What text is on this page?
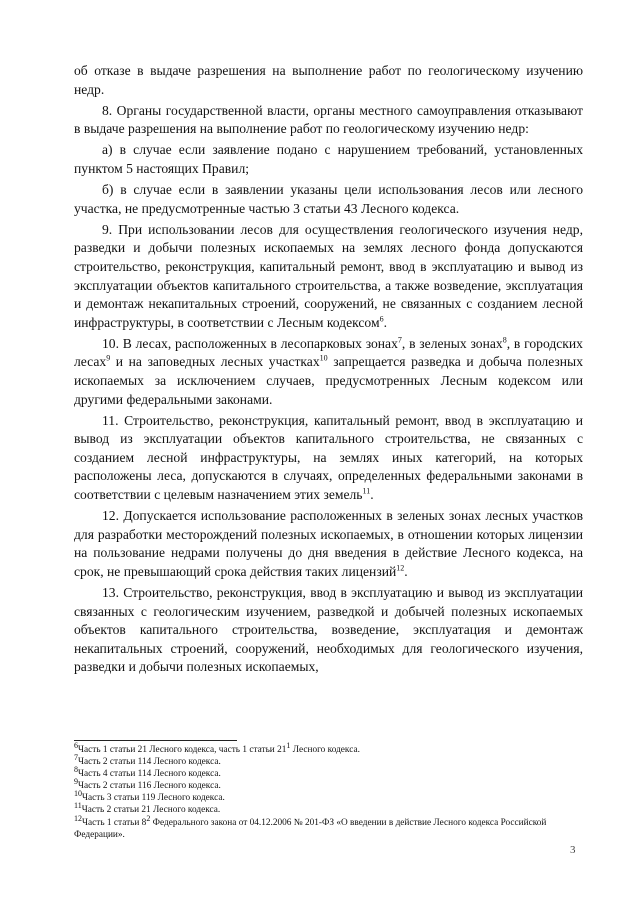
об отказе в выдаче разрешения на выполнение работ по геологическому изучению недр.

8. Органы государственной власти, органы местного самоуправления отказывают в выдаче разрешения на выполнение работ по геологическому изучению недр:

а) в случае если заявление подано с нарушением требований, установленных пунктом 5 настоящих Правил;

б) в случае если в заявлении указаны цели использования лесов или лесного участка, не предусмотренные частью 3 статьи 43 Лесного кодекса.

9. При использовании лесов для осуществления геологического изучения недр, разведки и добычи полезных ископаемых на землях лесного фонда допускаются строительство, реконструкция, капитальный ремонт, ввод в эксплуатацию и вывод из эксплуатации объектов капитального строительства, а также возведение, эксплуатация и демонтаж некапитальных строений, сооружений, не связанных с созданием лесной инфраструктуры, в соответствии с Лесным кодексом$^6$.

10. В лесах, расположенных в лесопарковых зонах$^7$, в зеленых зонах$^8$, в городских лесах$^9$ и на заповедных лесных участках$^{10}$ запрещается разведка и добыча полезных ископаемых за исключением случаев, предусмотренных Лесным кодексом или другими федеральными законами.

11. Строительство, реконструкция, капитальный ремонт, ввод в эксплуатацию и вывод из эксплуатации объектов капитального строительства, не связанных с созданием лесной инфраструктуры, на землях иных категорий, на которых расположены леса, допускаются в случаях, определенных федеральными законами в соответствии с целевым назначением этих земель$^{11}$.

12. Допускается использование расположенных в зеленых зонах лесных участков для разработки месторождений полезных ископаемых, в отношении которых лицензии на пользование недрами получены до дня введения в действие Лесного кодекса, на срок, не превышающий срока действия таких лицензий$^{12}$.

13. Строительство, реконструкция, ввод в эксплуатацию и вывод из эксплуатации связанных с геологическим изучением, разведкой и добычей полезных ископаемых объектов капитального строительства, возведение, эксплуатация и демонтаж некапитальных строений, сооружений, необходимых для геологического изучения, разведки и добычи полезных ископаемых,

$^6$Часть 1 статьи 21 Лесного кодекса, часть 1 статьи $21^1$ Лесного кодекса.
$^7$Часть 2 статьи 114 Лесного кодекса.
$^8$Часть 4 статьи 114 Лесного кодекса.
$^9$Часть 2 статьи 116 Лесного кодекса.
$^{10}$Часть 3 статьи 119 Лесного кодекса.
$^{11}$Часть 2 статьи 21 Лесного кодекса.
$^{12}$Часть 1 статьи $8^2$ Федерального закона от 04.12.2006 № 201-ФЗ «О введении в действие Лесного кодекса Российской Федерации».
3
